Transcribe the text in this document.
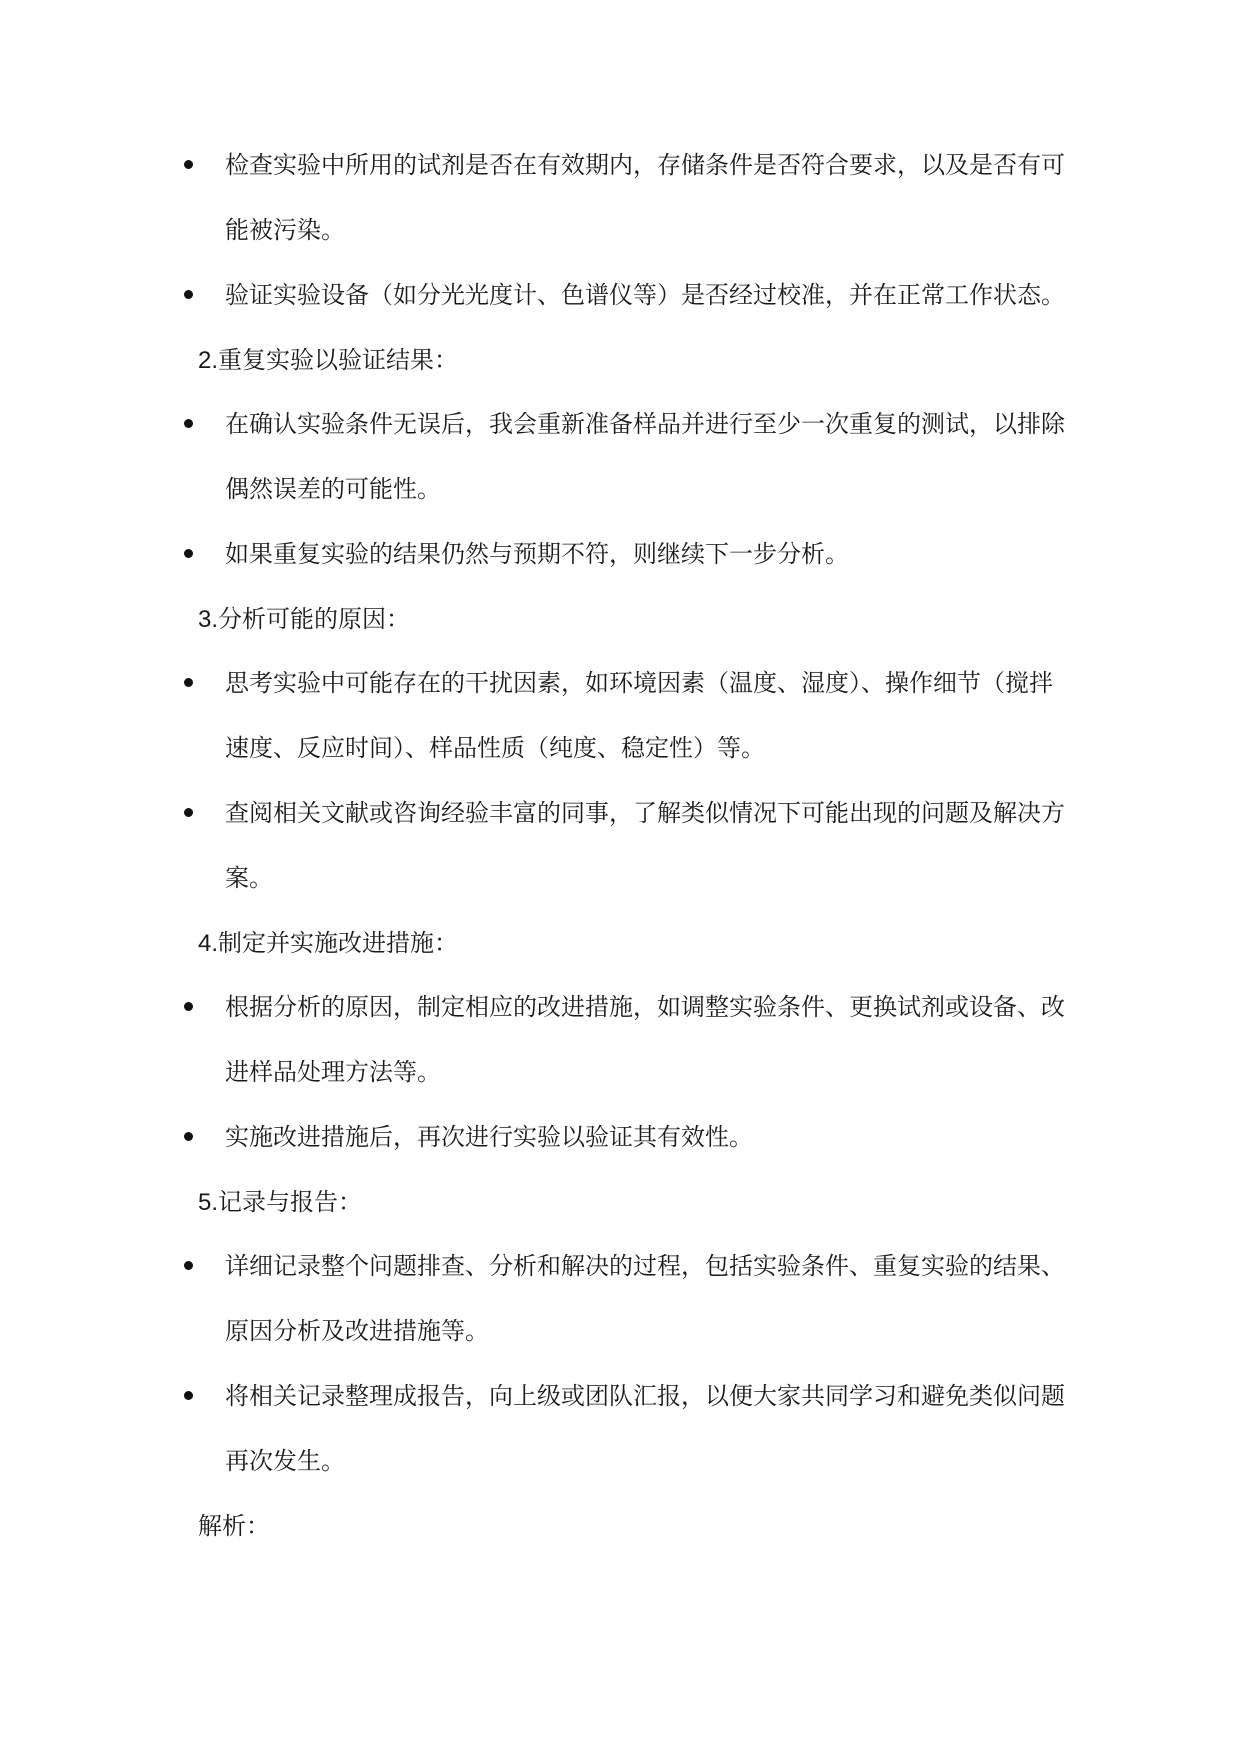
检查实验中所用的试剂是否在有效期内，存储条件是否符合要求，以及是否有可
能被污染。
验证实验设备（如分光光度计、色谱仪等）是否经过校准，并在正常工作状态。
2.重复实验以验证结果：
在确认实验条件无误后，我会重新准备样品并进行至少一次重复的测试，以排除
偶然误差的可能性。
如果重复实验的结果仍然与预期不符，则继续下一步分析。
3.分析可能的原因：
思考实验中可能存在的干扰因素，如环境因素（温度、湿度）、操作细节（搅拌
速度、反应时间）、样品性质（纯度、稳定性）等。
查阅相关文献或咨询经验丰富的同事，了解类似情况下可能出现的问题及解决方
案。
4.制定并实施改进措施：
根据分析的原因，制定相应的改进措施，如调整实验条件、更换试剂或设备、改
进样品处理方法等。
实施改进措施后，再次进行实验以验证其有效性。
5.记录与报告：
详细记录整个问题排查、分析和解决的过程，包括实验条件、重复实验的结果、
原因分析及改进措施等。
将相关记录整理成报告，向上级或团队汇报，以便大家共同学习和避免类似问题
再次发生。
解析：
